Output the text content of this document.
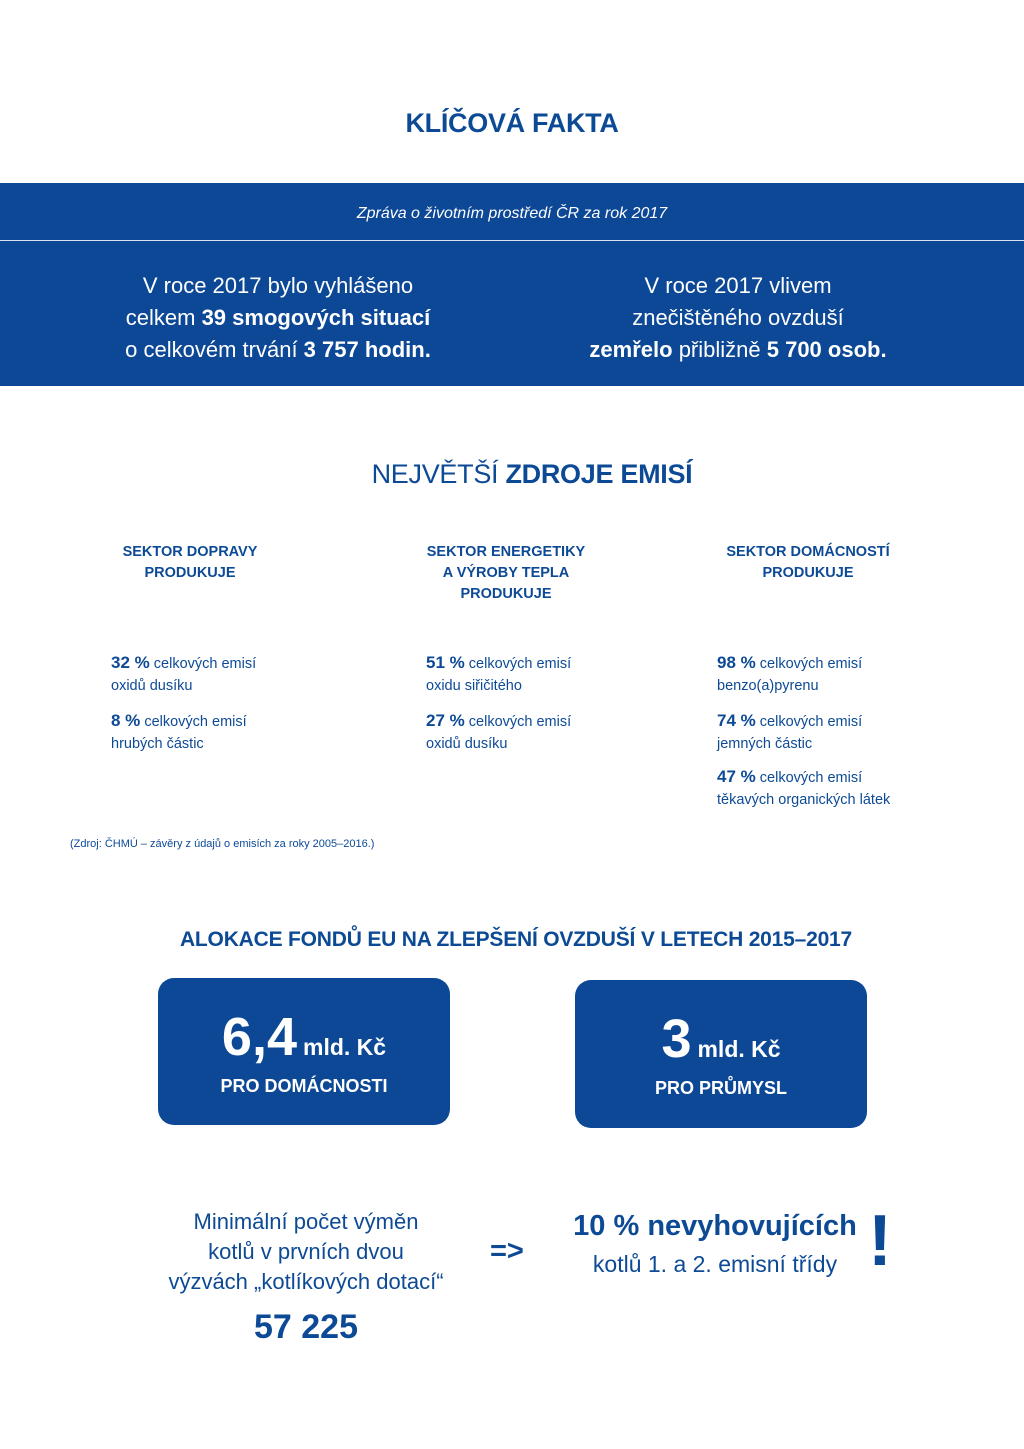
KLÍČOVÁ FAKTA
Zpráva o životním prostředí ČR za rok 2017
V roce 2017 bylo vyhlášeno
celkem 39 smogových situací
o celkovém trvání 3 757 hodin.
V roce 2017 vlivem
znečištěného ovzduší
zemřelo přibližně 5 700 osob.
NEJVĚTŠÍ ZDROJE EMISÍ
SEKTOR DOPRAVY
PRODUKUJE
32 % celkových emisí
oxidů dusíku
8 % celkových emisí
hrubých částic
SEKTOR ENERGETIKY
A VÝROBY TEPLA
PRODUKUJE
51 % celkových emisí
oxidu siřičitého
27 % celkových emisí
oxidů dusíku
SEKTOR DOMÁCNOSTÍ
PRODUKUJE
98 % celkových emisí
benzo(a)pyrenu
74 % celkových emisí
jemných částic
47 % celkových emisí
těkavých organických látek
(Zdroj: ČHMÚ – závěry z údajů o emisích za roky 2005–2016.)
ALOKACE FONDŮ EU NA ZLEPŠENÍ OVZDUŠÍ V LETECH 2015–2017
6,4 mld. Kč
PRO DOMÁCNOSTI
3 mld. Kč
PRO PRŮMYSL
Minimální počet výměn
kotlů v prvních dvou
výzvách „kotlíkových dotací“
57 225
=>
10 % nevyhovujících
kotlů 1. a 2. emisní třídy !
